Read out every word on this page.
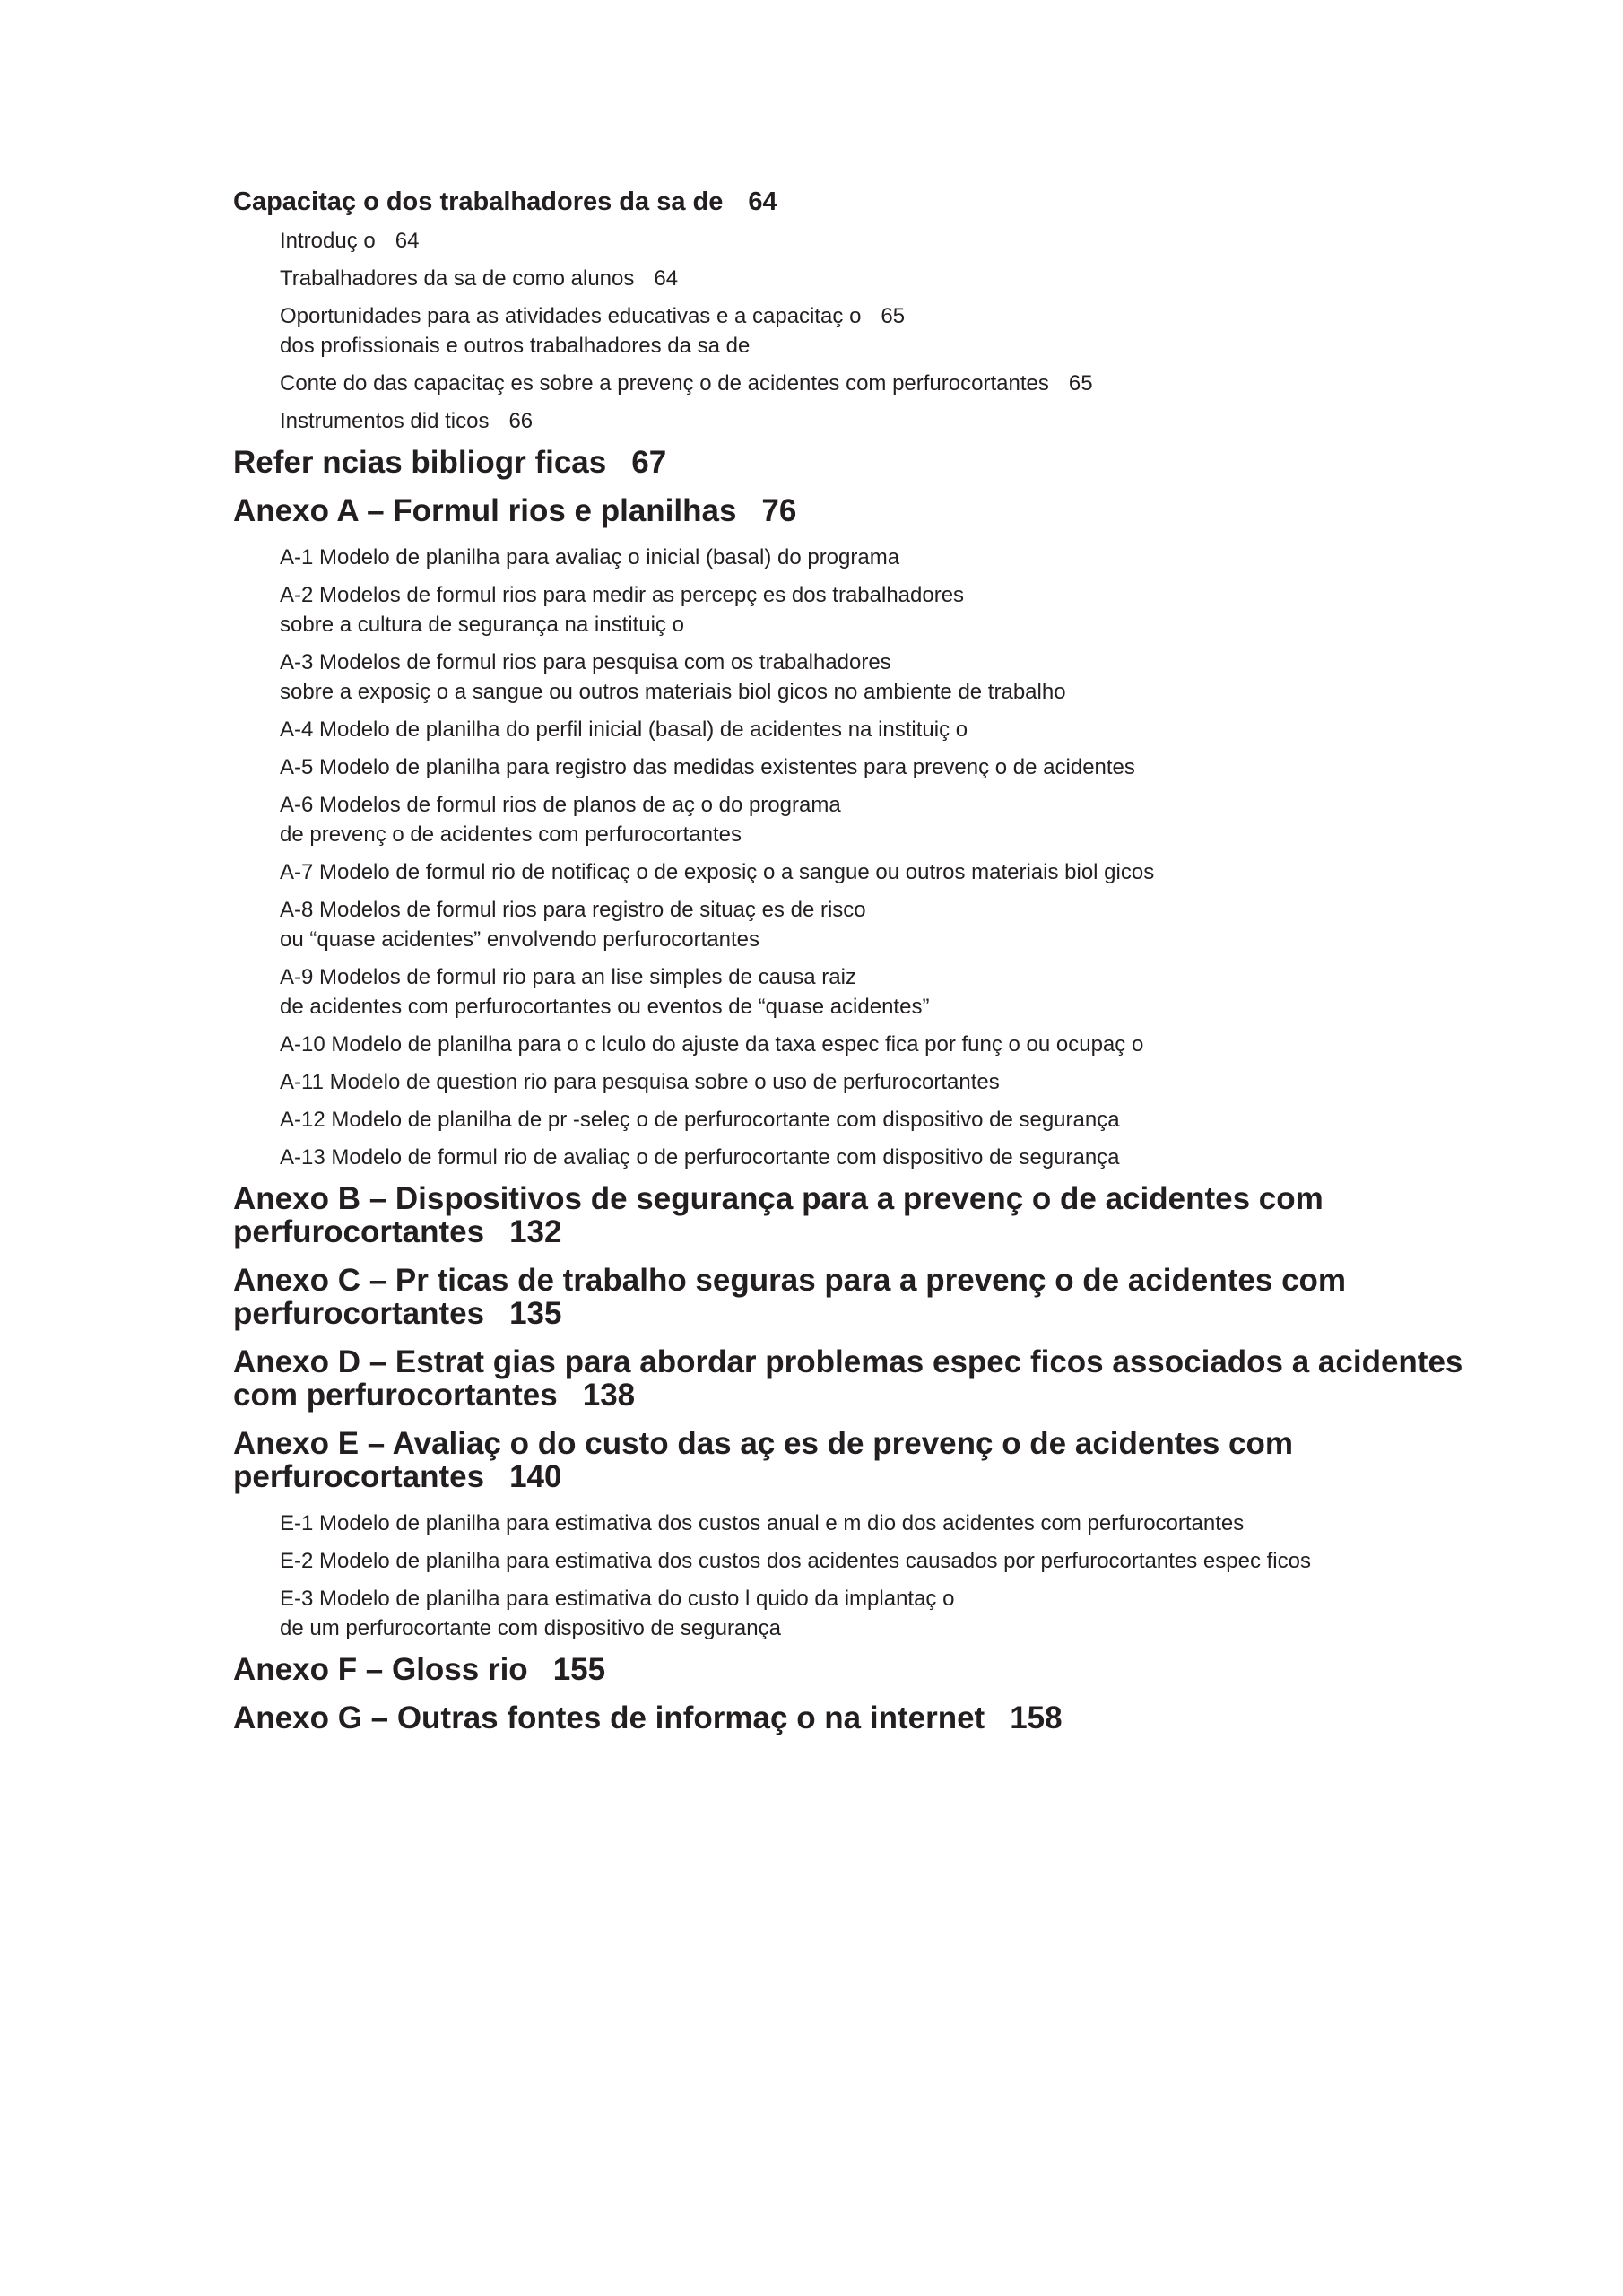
Capacitaç o dos trabalhadores da sa de 64
Introduç o 64
Trabalhadores da sa de como alunos 64
Oportunidades para as atividades educativas e a capacitaç o 65
dos profissionais e outros trabalhadores da sa de
Conte do das capacitaç es sobre a prevenç o de acidentes com perfurocortantes 65
Instrumentos did ticos 66
Refer ncias bibliogr ficas 67
Anexo A – Formul rios e planilhas 76
A-1 Modelo de planilha para avaliaç o inicial (basal) do programa
A-2 Modelos de formul rios para medir as percepç es dos trabalhadores
sobre a cultura de segurança na instituiç o
A-3 Modelos de formul rios para pesquisa com os trabalhadores
sobre a exposiç o a sangue ou outros materiais biol gicos no ambiente de trabalho
A-4 Modelo de planilha do perfil inicial (basal) de acidentes na instituiç o
A-5 Modelo de planilha para registro das medidas existentes para prevenç o de acidentes
A-6 Modelos de formul rios de planos de aç o do programa
de prevenç o de acidentes com perfurocortantes
A-7 Modelo de formul rio de notificaç o de exposiç o a sangue ou outros materiais biol gicos
A-8 Modelos de formul rios para registro de situaç es de risco
ou “quase acidentes” envolvendo perfurocortantes
A-9 Modelos de formul rio para an lise simples de causa raiz
de acidentes com perfurocortantes ou eventos de “quase acidentes”
A-10 Modelo de planilha para o c lculo do ajuste da taxa espec fica por funç o ou ocupaç o
A-11 Modelo de question rio para pesquisa sobre o uso de perfurocortantes
A-12 Modelo de planilha de pr -seleç o de perfurocortante com dispositivo de segurança
A-13 Modelo de formul rio de avaliaç o de perfurocortante com dispositivo de segurança
Anexo B – Dispositivos de segurança para a prevenç o de acidentes com perfurocortantes 132
Anexo C – Pr ticas de trabalho seguras para a prevenç o de acidentes com perfurocortantes 135
Anexo D – Estrat gias para abordar problemas espec ficos associados a acidentes com perfurocortantes 138
Anexo E – Avaliaç o do custo das aç es de prevenç o de acidentes com perfurocortantes 140
E-1 Modelo de planilha para estimativa dos custos anual e m dio dos acidentes com perfurocortantes
E-2 Modelo de planilha para estimativa dos custos dos acidentes causados por perfurocortantes espec ficos
E-3 Modelo de planilha para estimativa do custo l quido da implantaç o
de um perfurocortante com dispositivo de segurança
Anexo F – Gloss rio 155
Anexo G – Outras fontes de informaç o na internet 158
